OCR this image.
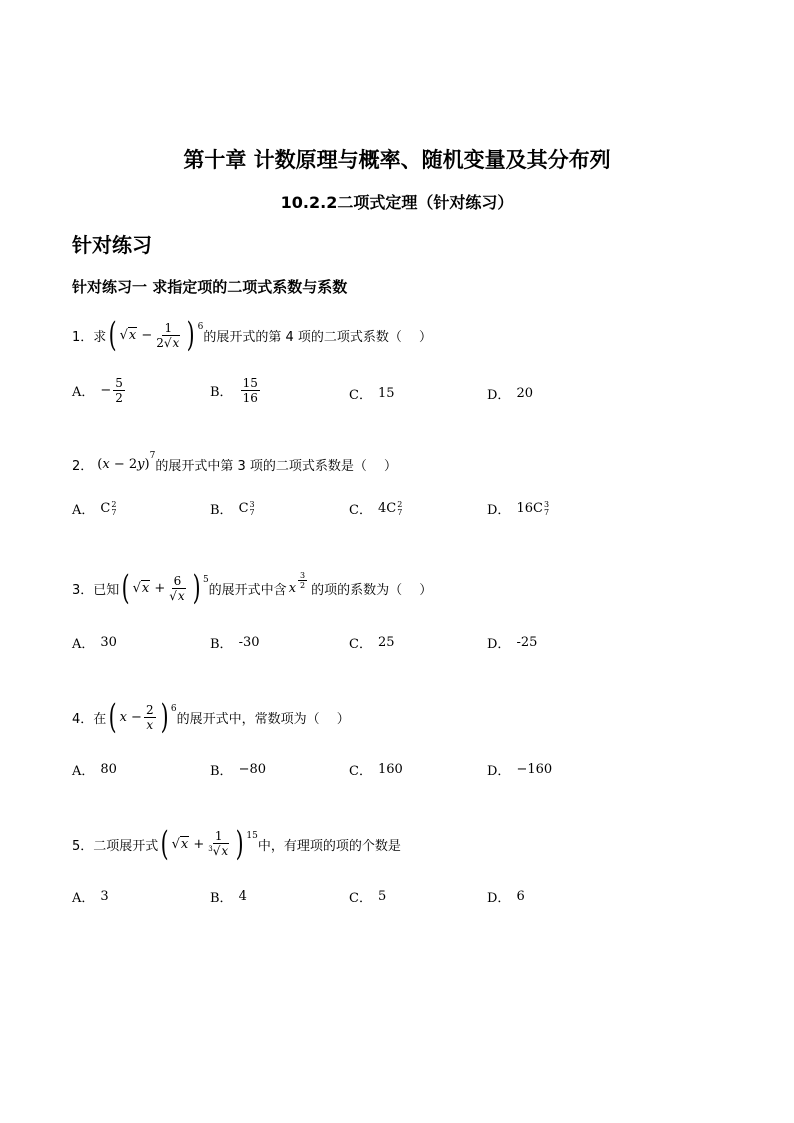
第十章 计数原理与概率、随机变量及其分布列
10.2.2二项式定理（针对练习）
针对练习
针对练习一 求指定项的二项式系数与系数
1． 求 ( $√x - \frac{1}{2√x}$ ) 6
的展开式的第 4 项的二项式系数（　 ）
A． − $\frac{5}{2}$	B． $\frac{15}{16}$	C． 15	D． 20
2． $(x - 2y)^7$
的展开式中第 3 项的二项式系数是（　 ）
A． C 2
7	B． C 3
7	C． 4 C 2
7	D． 16 C 3
7
3． 已知 ( $√x + \frac{6}{√x}$ ) 5
的展开式中含 x $\frac{3}{2}$
的项的系数为（　 ）
A． 30	B． -30	C． 25	D． -25
4． 在 ( $x - \frac{2}{x}$ ) 6
的展开式中，常数项为（　 ）
A． 80	B． −80	C． 160	D． −160
5． 二项展开式 ( $√x + \frac{1}{^3√x}$ ) 15
中，有理项的项的个数是
A． 3	B． 4	C． 5	D． 6
